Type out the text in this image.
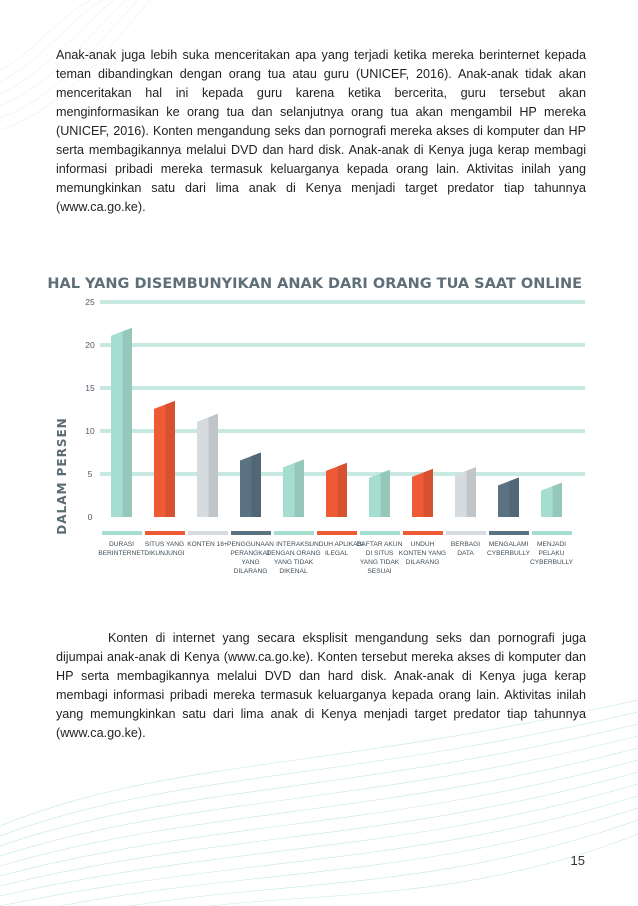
Anak-anak juga lebih suka menceritakan apa yang terjadi ketika mereka berinternet kepada teman dibandingkan dengan orang tua atau guru (UNICEF, 2016). Anak-anak tidak akan menceritakan hal ini kepada guru karena ketika bercerita, guru tersebut akan menginformasikan ke orang tua dan selanjutnya orang tua akan mengambil HP mereka (UNICEF, 2016). Konten mengandung seks dan pornografi mereka akses di komputer dan HP serta membagikannya melalui DVD dan hard disk. Anak-anak di Kenya juga kerap membagi informasi pribadi mereka termasuk keluarganya kepada orang lain. Aktivitas inilah yang memungkinkan satu dari lima anak di Kenya menjadi target predator tiap tahunnya (www.ca.go.ke).

HAL YANG DISEMBUNYIKAN ANAK DARI ORANG TUA SAAT ONLINE
DALAM PERSEN 0
5
10
15
20
25
DURASI
BERINTERNET
SITUS YANG
DIKUNJUNGI
KONTEN 18+ PENGGUNAAN
PERANGKAT
YANG
DILARANG
INTERAKSI
DENGAN ORANG
YANG TIDAK
DIKENAL
UNDUH APLIKASI
ILEGAL
DAFTAR AKUN
DI SITUS
YANG TIDAK
SESUAI
UNDUH
KONTEN YANG
DILARANG
BERBAGI
DATA
MENGALAMI
CYBERBULLY
MENJADI
PELAKU
CYBERBULLY

Konten di internet yang secara eksplisit mengandung seks dan pornografi juga dijumpai anak-anak di Kenya (www.ca.go.ke). Konten tersebut mereka akses di komputer dan HP serta membagikannya melalui DVD dan hard disk. Anak-anak di Kenya juga kerap membagi informasi pribadi mereka termasuk keluarganya kepada orang lain. Aktivitas inilah yang memungkinkan satu dari lima anak di Kenya menjadi target predator tiap tahunnya (www.ca.go.ke).

15
